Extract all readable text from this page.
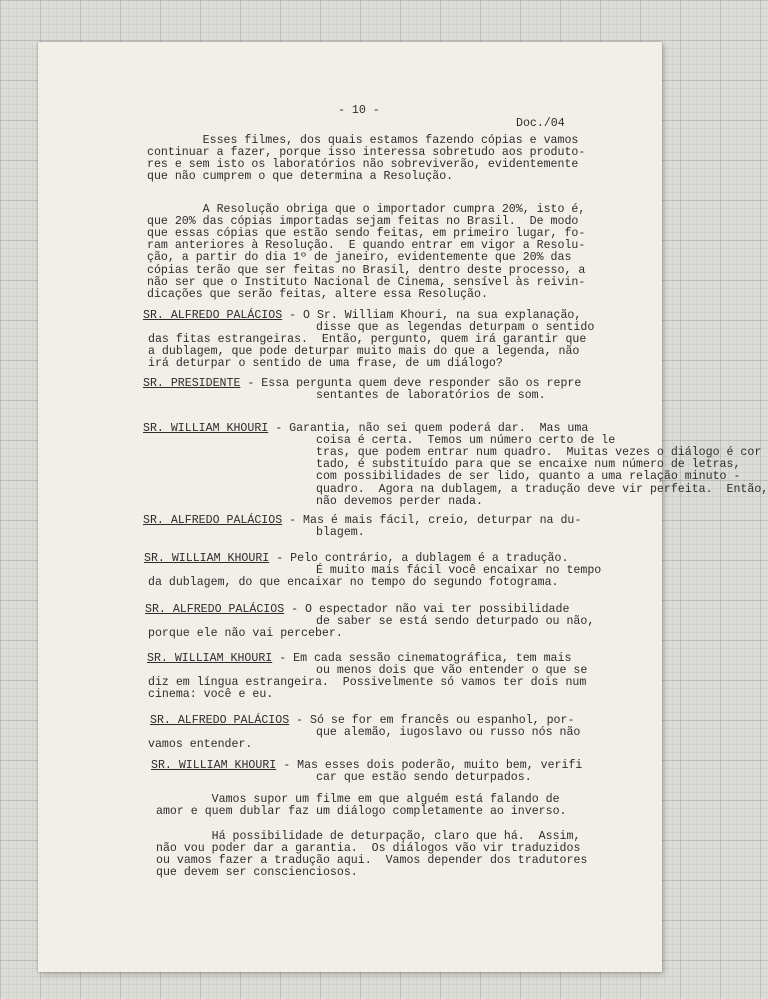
- 10 -
Doc./04
Esses filmes, dos quais estamos fazendo cópias e vamos
continuar a fazer, porque isso interessa sobretudo aos produto-
res e sem isto os laboratórios não sobreviverão, evidentemente
que não cumprem o que determina a Resolução.
A Resolução obriga que o importador cumpra 20%, isto é,
que 20% das cópias importadas sejam feitas no Brasil.  De modo
que essas cópias que estão sendo feitas, em primeiro lugar, fo-
ram anteriores à Resolução.  E quando entrar em vigor a Resolu-
ção, a partir do dia 1º de janeiro, evidentemente que 20% das
cópias terão que ser feitas no Brasil, dentro deste processo, a
não ser que o Instituto Nacional de Cinema, sensível às reivin-
dicações que serão feitas, altere essa Resolução.
SR. ALFREDO PALÁCIOS - O Sr. William Khouri, na sua explanação,
disse que as legendas deturpam o sentido
das fitas estrangeiras.  Então, pergunto, quem irá garantir que
a dublagem, que pode deturpar muito mais do que a legenda, não
irá deturpar o sentido de uma frase, de um diálogo?
SR. PRESIDENTE - Essa pergunta quem deve responder são os repre
sentantes de laboratórios de som.
SR. WILLIAM KHOURI - Garantia, não sei quem poderá dar.  Mas uma
coisa é certa.  Temos um número certo de le
tras, que podem entrar num quadro.  Muitas vezes o diálogo é cor
tado, é substituído para que se encaixe num número de letras,
com possibilidades de ser lido, quanto a uma relação minuto -
quadro.  Agora na dublagem, a tradução deve vir perfeita.  Então,
não devemos perder nada.
SR. ALFREDO PALÁCIOS - Mas é mais fácil, creio, deturpar na du-
blagem.
SR. WILLIAM KHOURI - Pelo contrário, a dublagem é a tradução.
É muito mais fácil você encaixar no tempo
da dublagem, do que encaixar no tempo do segundo fotograma.
SR. ALFREDO PALÁCIOS - O espectador não vai ter possibilidade
de saber se está sendo deturpado ou não,
porque ele não vai perceber.
SR. WILLIAM KHOURI - Em cada sessão cinematográfica, tem mais
ou menos dois que vão entender o que se
diz em língua estrangeira.  Possivelmente só vamos ter dois num
cinema: você e eu.
SR. ALFREDO PALÁCIOS - Só se for em francês ou espanhol, por-
que alemão, iugoslavo ou russo nós não
vamos entender.
SR. WILLIAM KHOURI - Mas esses dois poderão, muito bem, verifi
car que estão sendo deturpados.
Vamos supor um filme em que alguém está falando de
amor e quem dublar faz um diálogo completamente ao inverso.
Há possibilidade de deturpação, claro que há.  Assim,
não vou poder dar a garantia.  Os diálogos vão vir traduzidos
ou vamos fazer a tradução aqui.  Vamos depender dos tradutores
que devem ser conscienciosos.
